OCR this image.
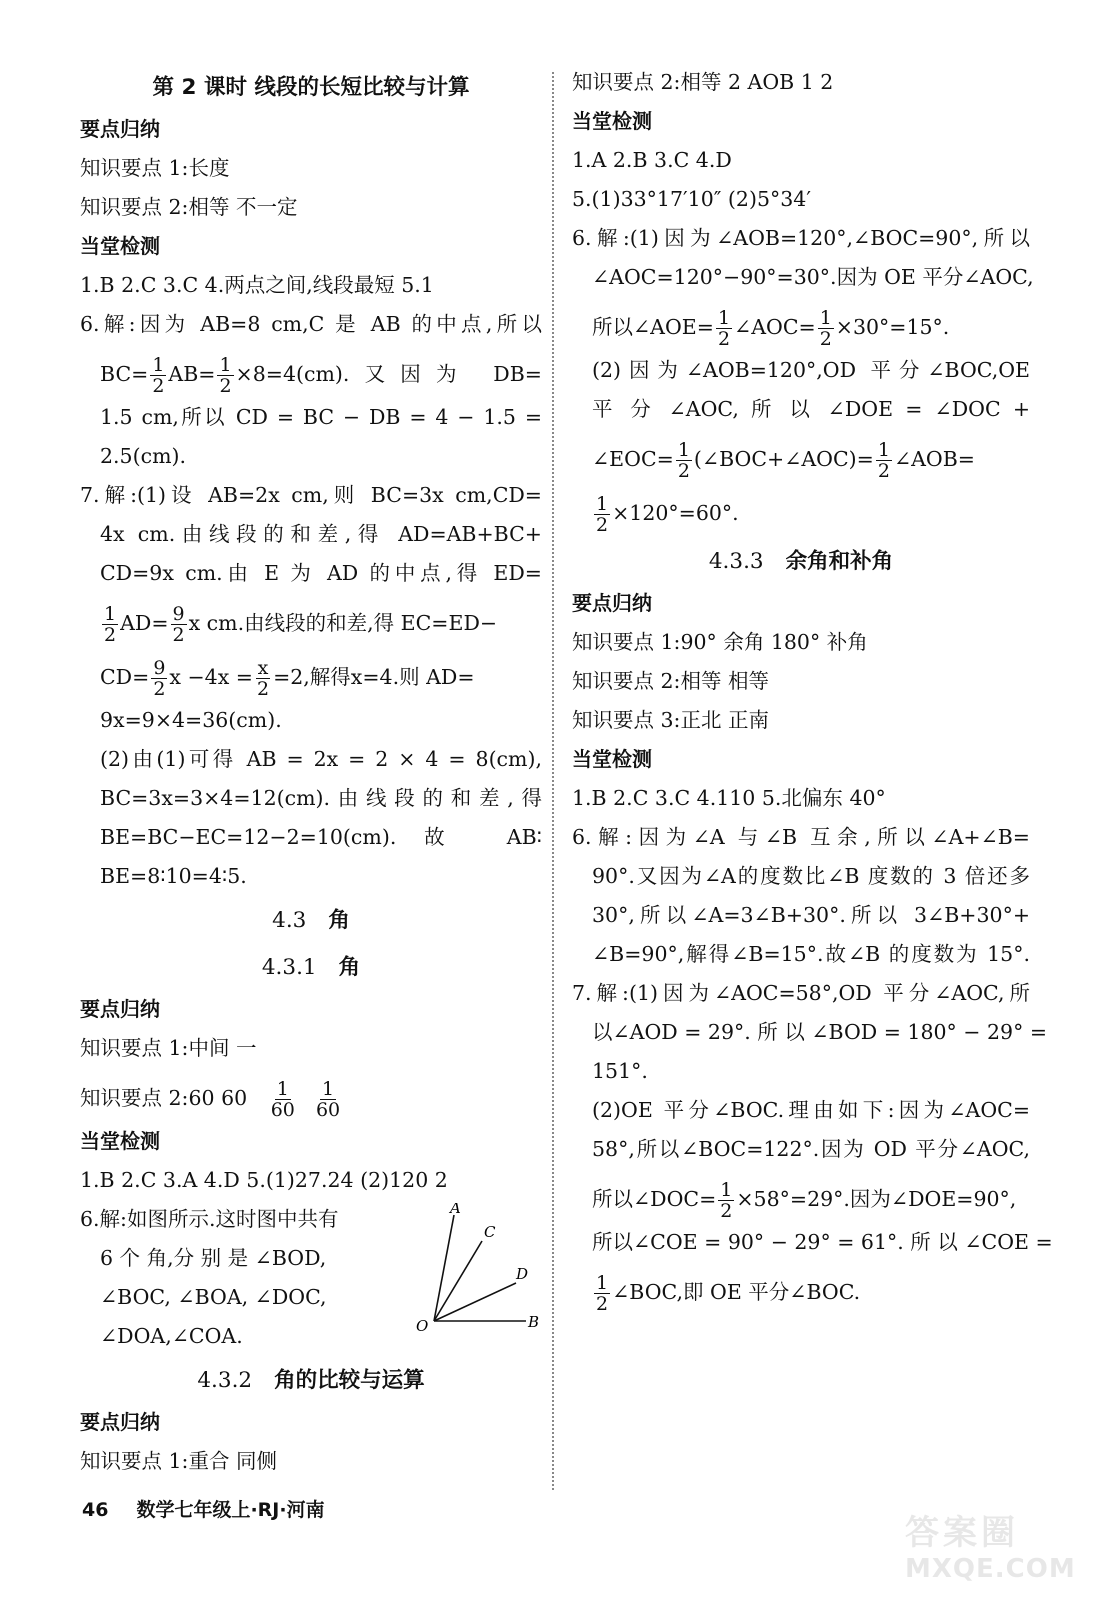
第 2 课时 线段的长短比较与计算
要点归纳
知识要点 1:长度
知识要点 2:相等 不一定
当堂检测
1.B 2.C 3.C 4.两点之间,线段最短 5.1
6.解:因为 AB=8 cm,C 是 AB 的中点,所以
$BC= \frac{1}{2} AB= \frac{1}{2} \times 8=4(cm)$.又因为 DB=
1.5 cm,所以 CD = BC − DB = 4 − 1.5 =
2.5(cm).
7.解:(1)设 AB=2x cm,则 BC=3x cm,CD=
4x cm.由线段的和差,得 AD=AB+BC+
CD=9x cm.由 E 为 AD 的中点,得 ED=
$\frac{1}{2} AD= \frac{9}{2}$ x cm.由线段的和差,得 EC=ED−
$CD= \frac{9}{2}$ $x -4x = \frac{x}{2} =2$,解得x=4.则 AD=
9x=9×4=36(cm).
(2)由(1)可得 AB = 2x = 2 × 4 = 8(cm),
BC=3x=3×4=12(cm).由线段的和差,得
BE=BC−EC=12−2=10(cm).故 AB∶
BE=8∶10=4∶5.
4.3 角
4.3.1 角
要点归纳
知识要点 1:中间 一
知识要点 2:60 $60 \frac{1}{60}$
$\frac{1}{60}$
当堂检测
1.B 2.C 3.A 4.D 5.(1)27.24 (2)120 2
A
C
D
O	B
6.解:如图所示.这时图中共有
6 个 角,分 别 是 ∠BOD,
∠BOC, ∠BOA, ∠DOC,
∠DOA,∠COA.
4.3.2 角的比较与运算
要点归纳
知识要点 1:重合 同侧
知识要点 2:相等 2 AOB 1 2
当堂检测
1.A 2.B 3.C 4.D
5.(1)33°17′10″ (2)5°34′
6.解:(1)因为∠AOB=120°,∠BOC=90°,所以
∠AOC=120°−90°=30°.因为 OE 平分∠AOC,
所以∠AOE= $\frac{1}{2}$ ∠AOC= $\frac{1}{2} \times 30^\circ=15^\circ$.
(2)因为∠AOB=120°,OD 平分∠BOC,OE
平 分 ∠AOC, 所 以 ∠DOE = ∠DOC +
∠EOC= $\frac{1}{2}$ (∠BOC+∠AOC)= $\frac{1}{2}$ ∠AOB=
$\frac{1}{2} \times 120^\circ=60^\circ$.
4.3.3 余角和补角
要点归纳
知识要点 1:90° 余角 180° 补角
知识要点 2:相等 相等
知识要点 3:正北 正南
当堂检测
1.B 2.C 3.C 4.110 5.北偏东 40°
6.解:因为∠A 与∠B 互余,所以∠A+∠B=
90°.又因为∠A的度数比∠B 度数的 3 倍还多
30°,所以∠A=3∠B+30°.所以 3∠B+30°+
∠B=90°,解得∠B=15°.故∠B 的度数为 15°.
7.解:(1)因为∠AOC=58°,OD 平分∠AOC,所
以∠AOD = 29°. 所 以 ∠BOD = 180° − 29° =
151°.
(2)OE 平分∠BOC.理由如下:因为∠AOC=
58°,所以∠BOC=122°.因为 OD 平分∠AOC,
所以∠DOC= $\frac{1}{2} \times 58^\circ=29^\circ$.因为∠DOE=90°,
所以∠COE = 90° − 29° = 61°. 所 以 ∠COE =
$\frac{1}{2}$ ∠BOC,即 OE 平分∠BOC.
46 数学七年级上·RJ·河南
答案圈
MXQE.COM
